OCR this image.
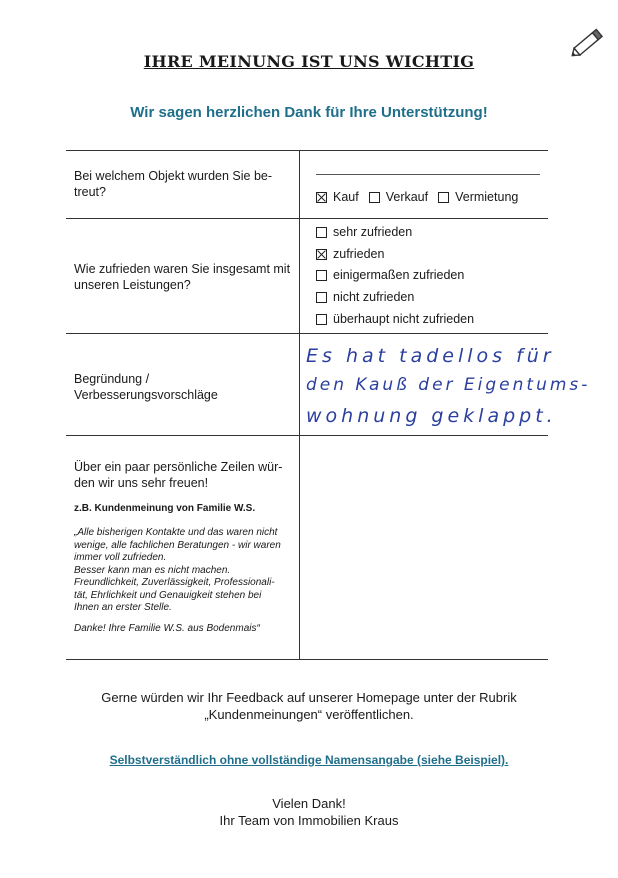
IHRE MEINUNG IST UNS WICHTIG
Wir sagen herzlichen Dank für Ihre Unterstützung!
Bei welchem Objekt wurden Sie be-
treut?	Kauf Verkauf Vermietung
Wie zufrieden waren Sie insgesamt mit
unseren Leistungen?
sehr zufrieden
zufrieden
einigermaßen zufrieden
nicht zufrieden
überhaupt nicht zufrieden
Begründung /
Verbesserungsvorschläge
Es hat tadellos für
den Kauß der Eigentums-
wohnung geklappt.
Über ein paar persönliche Zeilen wür-
den wir uns sehr freuen!
z.B. Kundenmeinung von Familie W.S.
„Alle bisherigen Kontakte und das waren nicht
wenige, alle fachlichen Beratungen - wir waren
immer voll zufrieden.
Besser kann man es nicht machen.
Freundlichkeit, Zuverlässigkeit, Professionali-
tät, Ehrlichkeit und Genauigkeit stehen bei
Ihnen an erster Stelle.
Danke! Ihre Familie W.S. aus Bodenmais“
Gerne würden wir Ihr Feedback auf unserer Homepage unter der Rubrik
„Kundenmeinungen“ veröffentlichen.
Selbstverständlich ohne vollständige Namensangabe (siehe Beispiel).
Vielen Dank!
Ihr Team von Immobilien Kraus
